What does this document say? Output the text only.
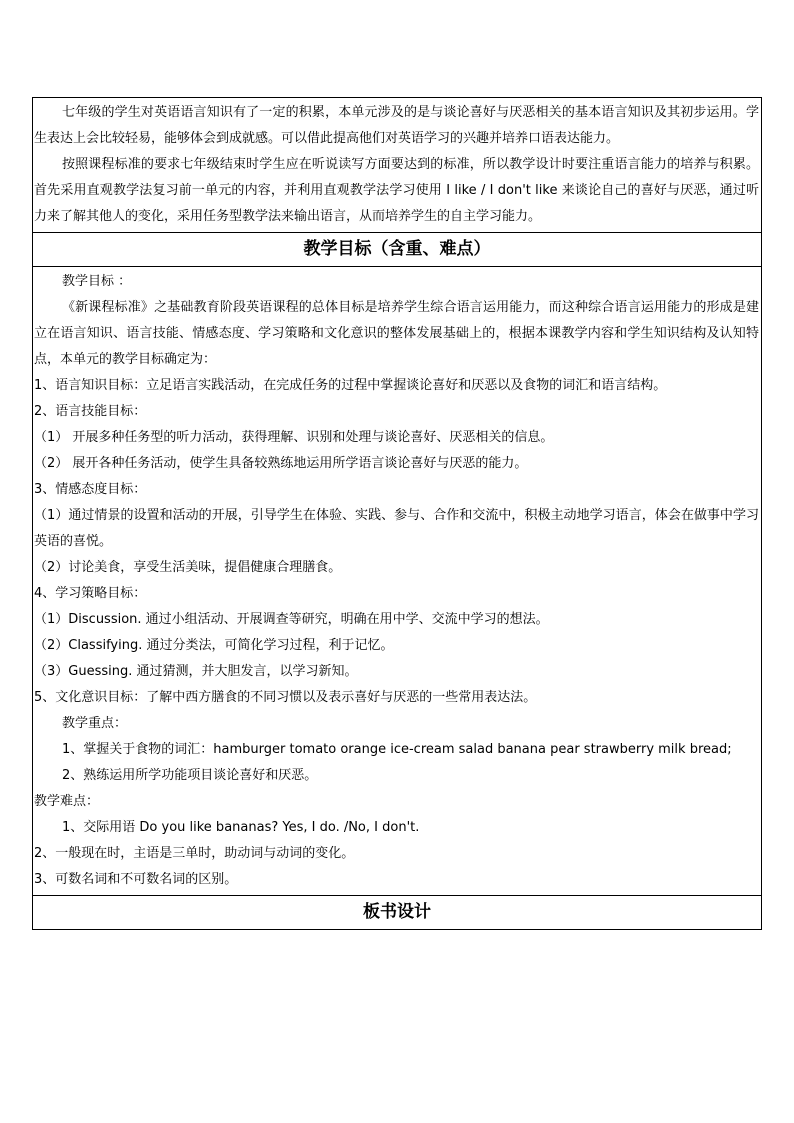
七年级的学生对英语语言知识有了一定的积累，本单元涉及的是与谈论喜好与厌恶相关的基本语言知识及其初步运用。学生表达上会比较轻易，能够体会到成就感。可以借此提高他们对英语学习的兴趣并培养口语表达能力。

按照课程标准的要求七年级结束时学生应在听说读写方面要达到的标准，所以教学设计时要注重语言能力的培养与积累。首先采用直观教学法复习前一单元的内容，并利用直观教学法学习使用 I like / I don't like 来谈论自己的喜好与厌恶，通过听力来了解其他人的变化，采用任务型教学法来输出语言，从而培养学生的自主学习能力。

教学目标（含重、难点）

教学目标 ：

《新课程标准》之基础教育阶段英语课程的总体目标是培养学生综合语言运用能力，而这种综合语言运用能力的形成是建立在语言知识、语言技能、情感态度、学习策略和文化意识的整体发展基础上的，根据本课教学内容和学生知识结构及认知特点，本单元的教学目标确定为：

1、语言知识目标：立足语言实践活动，在完成任务的过程中掌握谈论喜好和厌恶以及食物的词汇和语言结构。

2、语言技能目标：

（1） 开展多种任务型的听力活动，获得理解、识别和处理与谈论喜好、厌恶相关的信息。

（2） 展开各种任务活动，使学生具备较熟练地运用所学语言谈论喜好与厌恶的能力。

3、情感态度目标：

（1）通过情景的设置和活动的开展，引导学生在体验、实践、参与、合作和交流中，积极主动地学习语言，体会在做事中学习英语的喜悦。

（2）讨论美食，享受生活美味，提倡健康合理膳食。

4、学习策略目标：

（1）Discussion. 通过小组活动、开展调查等研究，明确在用中学、交流中学习的想法。

（2）Classifying. 通过分类法，可简化学习过程，利于记忆。

（3）Guessing. 通过猜测，并大胆发言，以学习新知。

5、文化意识目标：了解中西方膳食的不同习惯以及表示喜好与厌恶的一些常用表达法。

教学重点：

1、掌握关于食物的词汇：hamburger tomato orange ice-cream salad banana pear strawberry milk bread;

2、熟练运用所学功能项目谈论喜好和厌恶。

教学难点：

1、交际用语 Do you like bananas? Yes, I do. /No, I don't.

2、一般现在时，主语是三单时，助动词与动词的变化。

3、可数名词和不可数名词的区别。

板书设计
